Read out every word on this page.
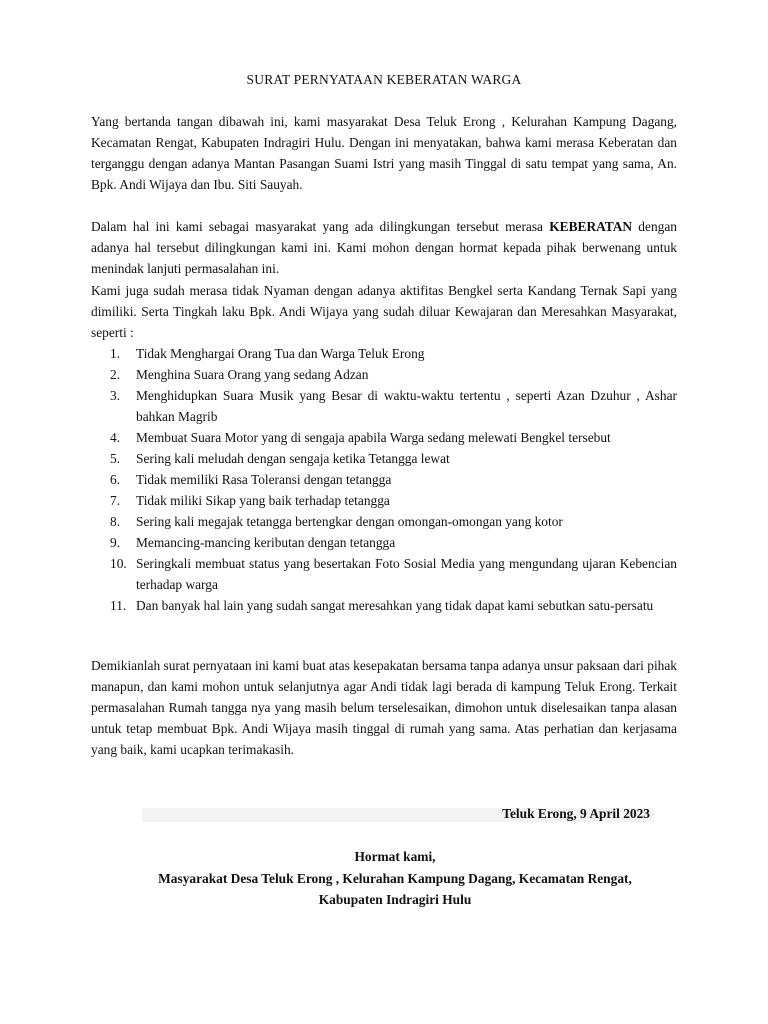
SURAT PERNYATAAN KEBERATAN WARGA

Yang bertanda tangan dibawah ini, kami masyarakat Desa Teluk Erong , Kelurahan Kampung Dagang, Kecamatan Rengat, Kabupaten Indragiri Hulu. Dengan ini menyatakan, bahwa kami merasa Keberatan dan terganggu dengan adanya Mantan Pasangan Suami Istri yang masih Tinggal di satu tempat yang sama, An. Bpk. Andi Wijaya dan Ibu. Siti Sauyah.

Dalam hal ini kami sebagai masyarakat yang ada dilingkungan tersebut merasa KEBERATAN dengan adanya hal tersebut dilingkungan kami ini. Kami mohon dengan hormat kepada pihak berwenang untuk menindak lanjuti permasalahan ini.

Kami juga sudah merasa tidak Nyaman dengan adanya aktifitas Bengkel serta Kandang Ternak Sapi yang dimiliki. Serta Tingkah laku Bpk. Andi Wijaya yang sudah diluar Kewajaran dan Meresahkan Masyarakat, seperti :

1. Tidak Menghargai Orang Tua dan Warga Teluk Erong
2. Menghina Suara Orang yang sedang Adzan
3. Menghidupkan Suara Musik yang Besar di waktu-waktu tertentu , seperti Azan Dzuhur , Ashar bahkan Magrib
4. Membuat Suara Motor yang di sengaja apabila Warga sedang melewati Bengkel tersebut
5. Sering kali meludah dengan sengaja ketika Tetangga lewat
6. Tidak memiliki Rasa Toleransi dengan tetangga
7. Tidak miliki Sikap yang baik terhadap tetangga
8. Sering kali megajak tetangga bertengkar dengan omongan-omongan yang kotor
9. Memancing-mancing keributan dengan tetangga
10. Seringkali membuat status yang besertakan Foto Sosial Media yang mengundang ujaran Kebencian terhadap warga
11. Dan banyak hal lain yang sudah sangat meresahkan yang tidak dapat kami sebutkan satu-persatu

Demikianlah surat pernyataan ini kami buat atas kesepakatan bersama tanpa adanya unsur paksaan dari pihak manapun, dan kami mohon untuk selanjutnya agar Andi tidak lagi berada di kampung Teluk Erong. Terkait permasalahan Rumah tangga nya yang masih belum terselesaikan, dimohon untuk diselesaikan tanpa alasan untuk tetap membuat Bpk. Andi Wijaya masih tinggal di rumah yang sama. Atas perhatian dan kerjasama yang baik, kami ucapkan terimakasih.

Teluk Erong, 9 April 2023

Hormat kami,

Masyarakat Desa Teluk Erong , Kelurahan Kampung Dagang, Kecamatan Rengat,

Kabupaten Indragiri Hulu
